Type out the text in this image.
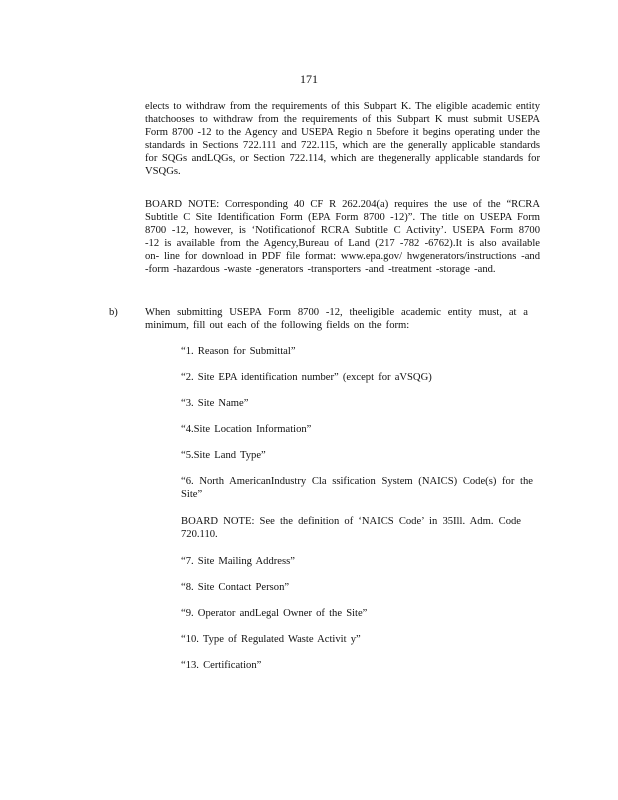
171
elects to withdraw from the requirements of this Subpart K. The eligible academic entity thatchooses to withdraw from the requirements of this Subpart K must submit USEPA Form 8700 -12 to the Agency and USEPA Regio n 5before it begins operating under the standards in Sections 722.111 and 722.115, which are the generally applicable standards for SQGs andLQGs, or Section 722.114, which are thegenerally applicable standards for VSQGs.
BOARD NOTE: Corresponding 40 CF R 262.204(a) requires the use of the “RCRA Subtitle C Site Identification Form (EPA Form 8700 -12)”. The title on USEPA Form 8700 -12, however, is ‘Notificationof RCRA Subtitle C Activity’. USEPA Form 8700 -12 is available from the Agency,Bureau of Land (217 -782 -6762).It is also available on- line for download in PDF file format: www.epa.gov/ hwgenerators/instructions -and -form -hazardous -waste -generators -transporters -and -treatment -storage -and.
b)	When submitting USEPA Form 8700 -12, theeligible academic entity must, at a minimum, fill out each of the following fields on the form:
“1. Reason for Submittal”
“2. Site EPA identification number” (except for aVSQG)
“3. Site Name”
“4.Site Location Information”
“5.Site Land Type”
“6. North AmericanIndustry Cla ssification System (NAICS) Code(s) for the Site”
BOARD NOTE: See the definition of ‘NAICS Code’ in 35Ill. Adm. Code 720.110.
“7. Site Mailing Address”
“8. Site Contact Person”
“9. Operator andLegal Owner of the Site”
“10. Type of Regulated Waste Activit y”
“13. Certification”
